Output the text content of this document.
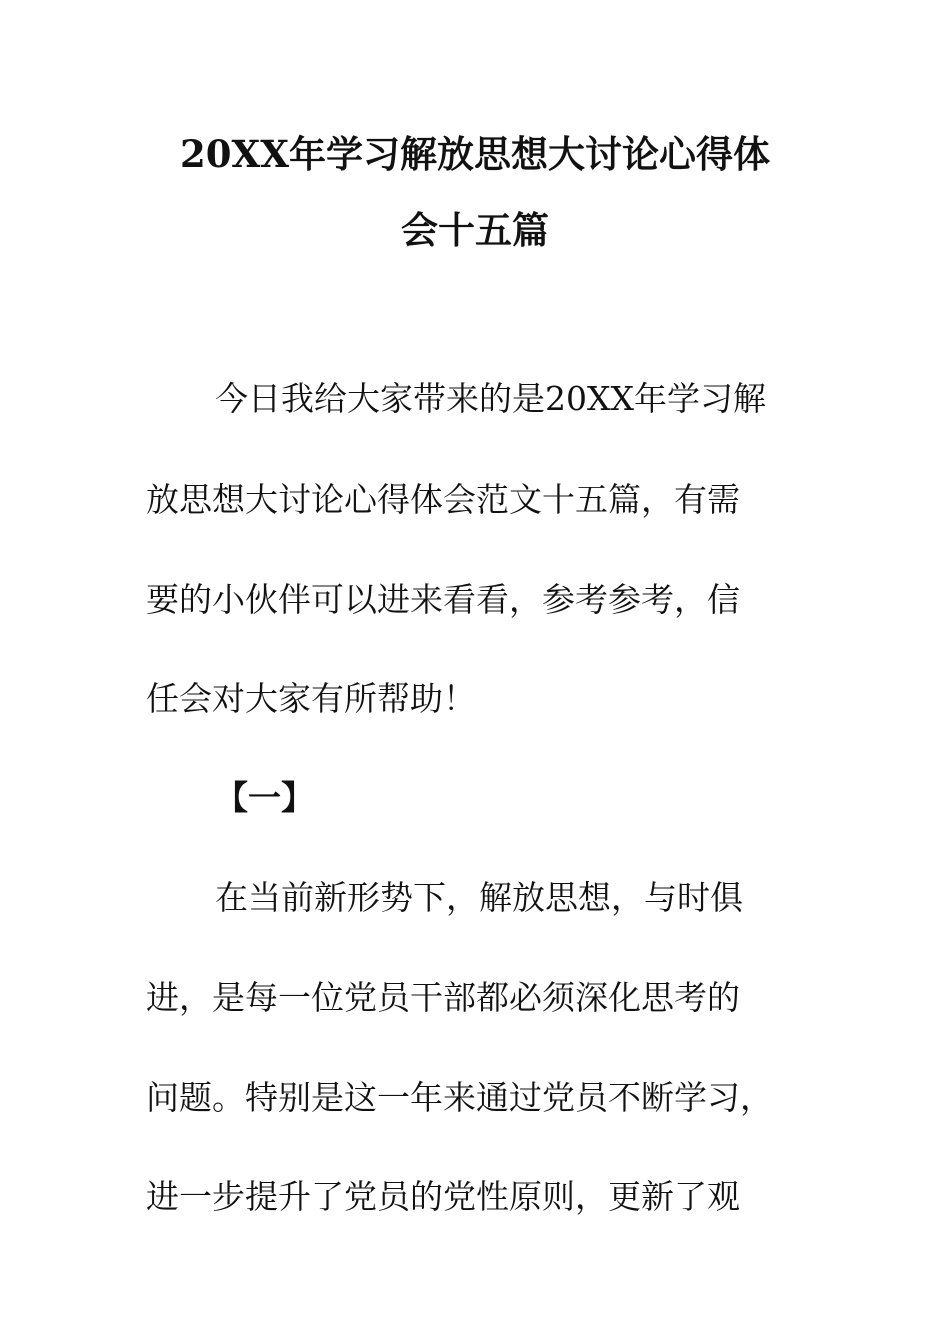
20XX年学习解放思想大讨论心得体
会十五篇
今日我给大家带来的是20XX年学习解
放思想大讨论心得体会范文十五篇，有需
要的小伙伴可以进来看看，参考参考，信
任会对大家有所帮助！
【一】
在当前新形势下，解放思想，与时俱
进，是每一位党员干部都必须深化思考的
问题。特别是这一年来通过党员不断学习，
进一步提升了党员的党性原则，更新了观
